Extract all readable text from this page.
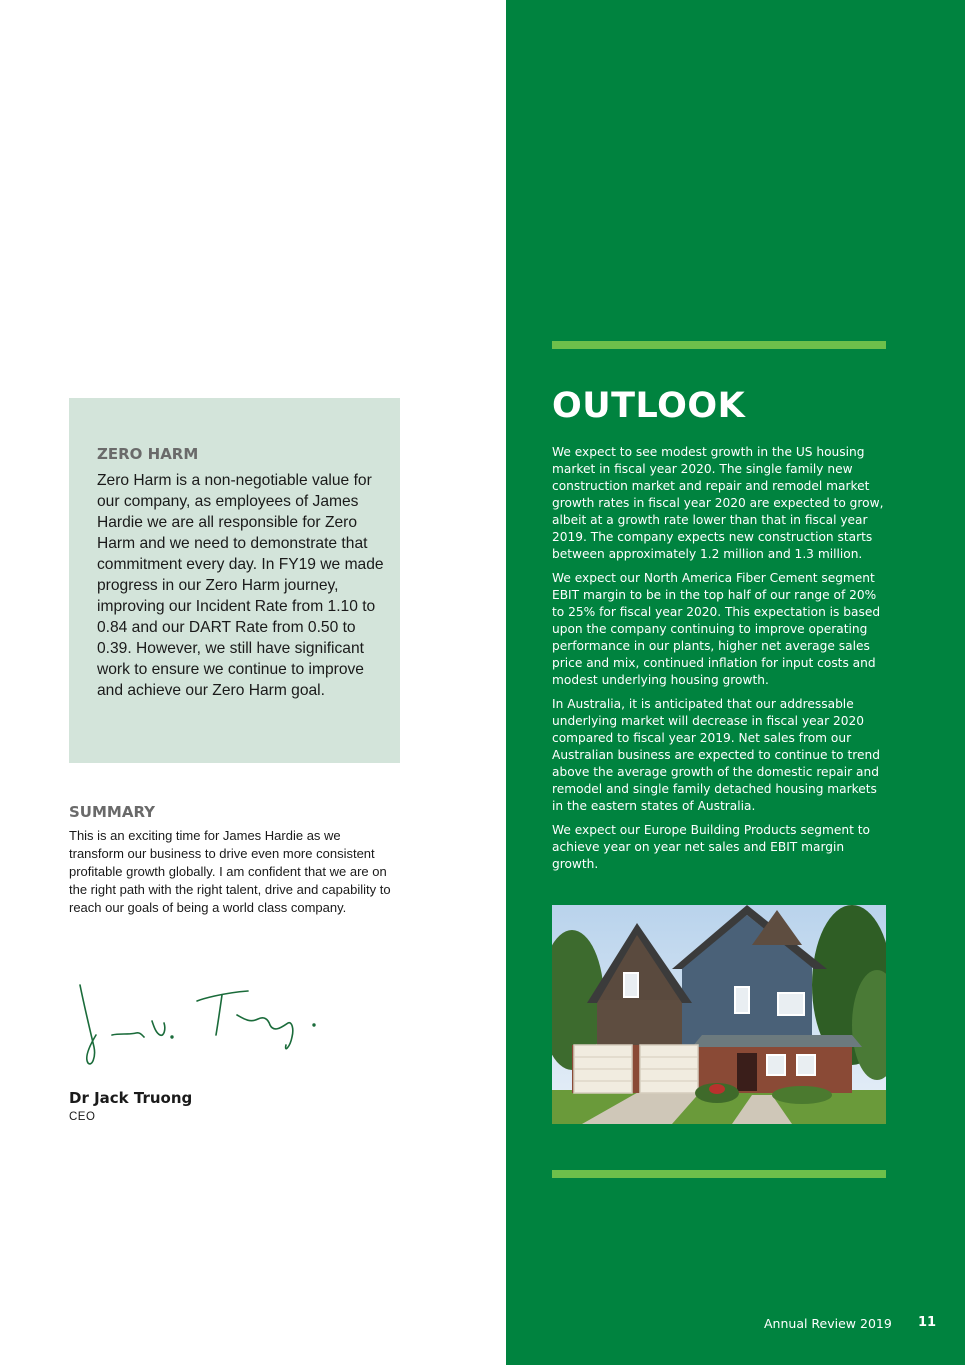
OUTLOOK

We expect to see modest growth in the US housing market in fiscal year 2020. The single family new construction market and repair and remodel market growth rates in fiscal year 2020 are expected to grow, albeit at a growth rate lower than that in fiscal year 2019. The company expects new construction starts between approximately 1.2 million and 1.3 million.

We expect our North America Fiber Cement segment EBIT margin to be in the top half of our range of 20% to 25% for fiscal year 2020. This expectation is based upon the company continuing to improve operating performance in our plants, higher net average sales price and mix, continued inflation for input costs and modest underlying housing growth.

In Australia, it is anticipated that our addressable underlying market will decrease in fiscal year 2020 compared to fiscal year 2019. Net sales from our Australian business are expected to continue to trend above the average growth of the domestic repair and remodel and single family detached housing markets in the eastern states of Australia.

We expect our Europe Building Products segment to achieve year on year net sales and EBIT margin growth.

ZERO HARM

Zero Harm is a non-negotiable value for our company, as employees of James Hardie we are all responsible for Zero Harm and we need to demonstrate that commitment every day. In FY19 we made progress in our Zero Harm journey, improving our Incident Rate from 1.10 to 0.84 and our DART Rate from 0.50 to 0.39. However, we still have significant work to ensure we continue to improve and achieve our Zero Harm goal.

SUMMARY

This is an exciting time for James Hardie as we transform our business to drive even more consistent profitable growth globally. I am confident that we are on the right path with the right talent, drive and capability to reach our goals of being a world class company.

Dr Jack Truong

CEO

Annual Review 2019 11
